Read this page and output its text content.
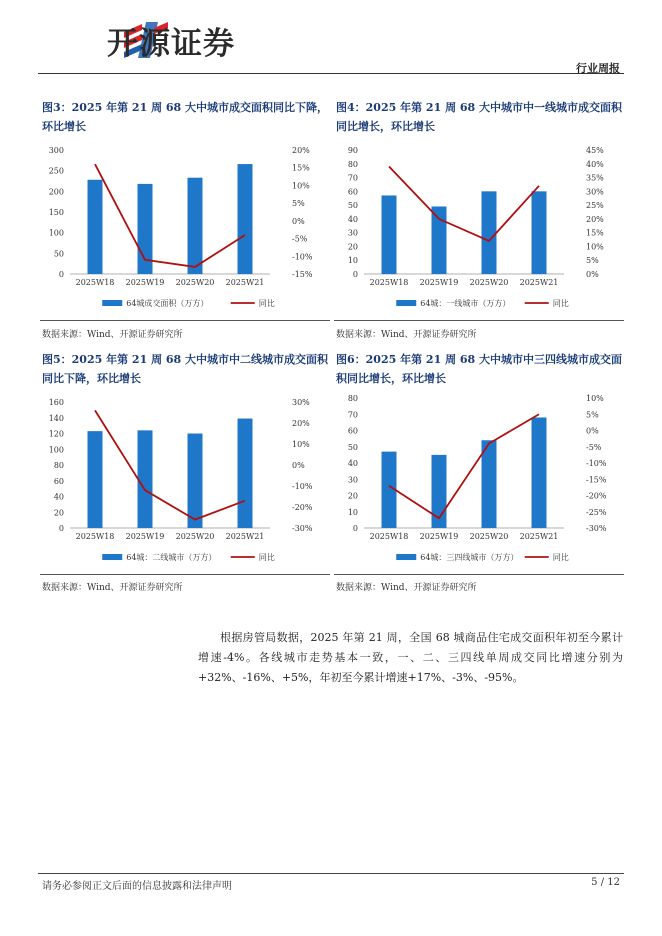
开源证券
行业周报

图3：2025 年第 21 周 68 大中城市成交面积同比下降，环比增长

0
50
100
150
200
250
300
-15%
-10%
-5%
0%
5%
10%
15%
20%
2025W18 2025W19 2025W20 2025W21
64城成交面积（万方）	同比
数据来源：Wind、开源证券研究所

图4：2025 年第 21 周 68 大中城市中一线城市成交面积同比增长，环比增长

0
10
20
30
40
50
60
70
80
90
0%
5%
10%
15%
20%
25%
30%
35%
40%
45%
2025W18 2025W19 2025W20 2025W21
64城：一线城市（万方）	同比
数据来源：Wind、开源证券研究所

图5：2025 年第 21 周 68 大中城市中二线城市成交面积同比下降，环比增长

0
20
40
60
80
100
120
140
160
-30%
-20%
-10%
0%
10%
20%
30%
2025W18 2025W19 2025W20 2025W21
64城：二线城市（万方）	同比
数据来源：Wind、开源证券研究所

图6：2025 年第 21 周 68 大中城市中三四线城市成交面积同比增长，环比增长

0
10
20
30
40
50
60
70
80
-30%
-25%
-20%
-15%
-10%
-5%
0%
5%
10%
2025W18 2025W19 2025W20 2025W21
64城：三四线城市（万方）	同比
数据来源：Wind、开源证券研究所

根据房管局数据，2025 年第 21 周，全国 68 城商品住宅成交面积年初至今累计增速-4%。各线城市走势基本一致，一、二、三四线单周成交同比增速分别为+32%、-16%、+5%，年初至今累计增速+17%、-3%、-95%。

请务必参阅正文后面的信息披露和法律声明	5 / 12
